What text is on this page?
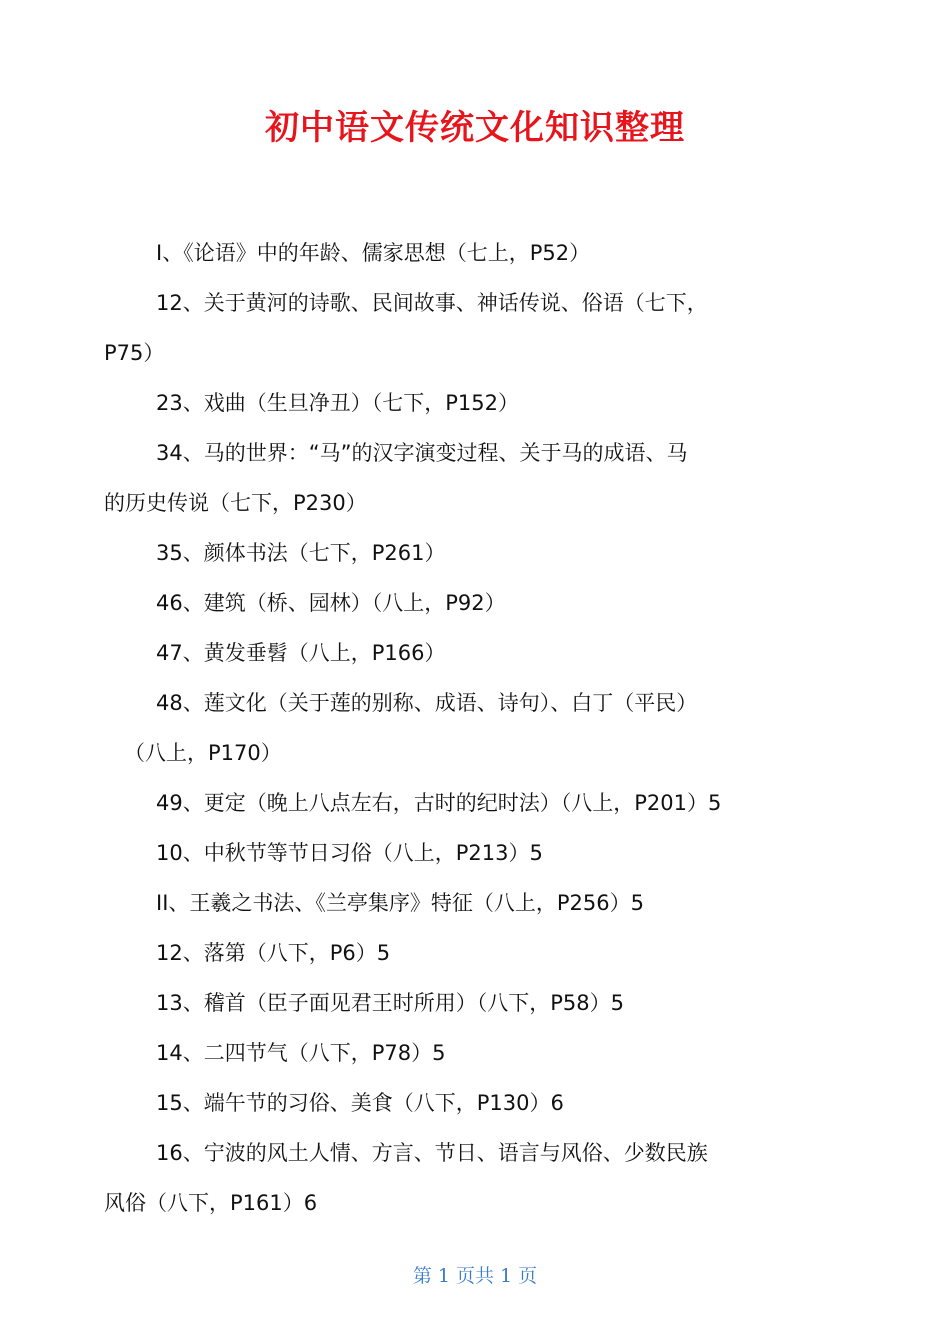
初中语文传统文化知识整理

I、《论语》中的年龄、儒家思想（七上，P52）

12、关于黄河的诗歌、民间故事、神话传说、俗语（七下，
P75）

23、戏曲（生旦净丑）（七下，P152）

34、马的世界：“马”的汉字演变过程、关于马的成语、马
的历史传说（七下，P230）

35、颜体书法（七下，P261）

46、建筑（桥、园林）（八上，P92）

47、黄发垂髫（八上，P166）

48、莲文化（关于莲的别称、成语、诗句）、白丁（平民）
（八上，P170）

49、更定（晚上八点左右，古时的纪时法）（八上，P201）5

10、中秋节等节日习俗（八上，P213）5

II、王羲之书法、《兰亭集序》特征（八上，P256）5

12、落第（八下，P6）5

13、稽首（臣子面见君王时所用）（八下，P58）5

14、二四节气（八下，P78）5

15、端午节的习俗、美食（八下，P130）6

16、宁波的风土人情、方言、节日、语言与风俗、少数民族
风俗（八下，P161）6

第 1 页共 1 页
